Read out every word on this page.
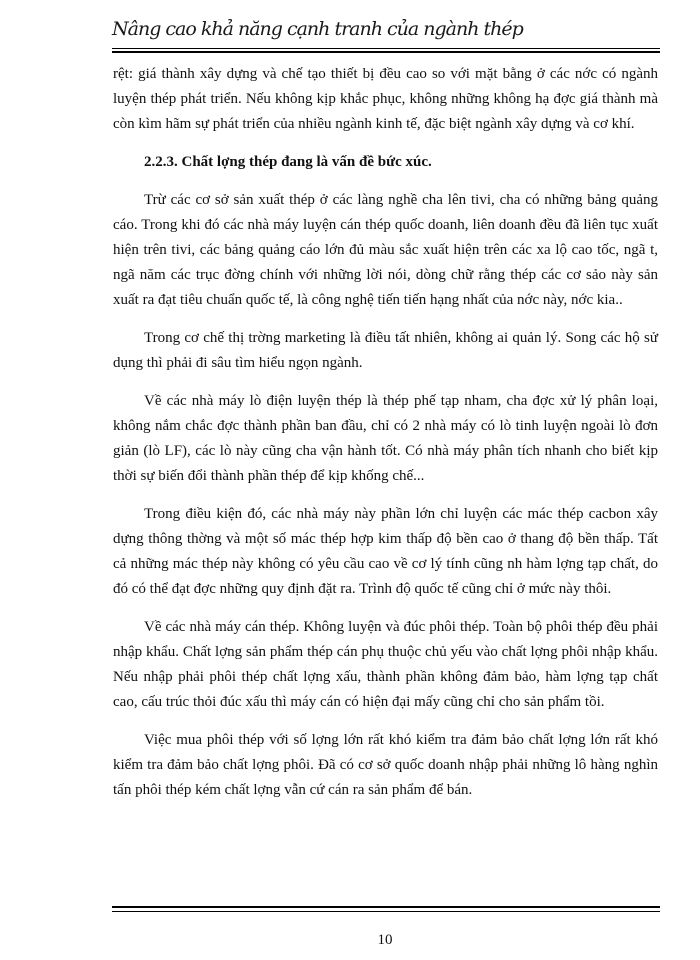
Nâng cao khả năng cạnh tranh của ngành thép

rệt: giá thành xây dựng và chế tạo thiết bị đều cao so với mặt bằng ở các nớc có ngành luyện thép phát triển. Nếu không kịp khắc phục, không những không hạ đợc giá thành mà còn kìm hãm sự phát triển của nhiều ngành kinh tế, đặc biệt ngành xây dựng và cơ khí.

2.2.3. Chất lợng thép đang là vấn đề bức xúc.

Trừ các cơ sở sản xuất thép ở các làng nghề cha lên tivi, cha có những bảng quảng cáo. Trong khi đó các nhà máy luyện cán thép quốc doanh, liên doanh đều đã liên tục xuất hiện trên tivi, các bảng quảng cáo lớn đủ màu sắc xuất hiện trên các xa lộ cao tốc, ngã t, ngã năm các trục đờng chính với những lời nói, dòng chữ rằng thép các cơ sảo này sản xuất ra đạt tiêu chuẩn quốc tế, là công nghệ tiến tiến hạng nhất của nớc này, nớc kia..

Trong cơ chế thị trờng marketing là điều tất nhiên, không ai quản lý. Song các hộ sử dụng thì phải đi sâu tìm hiểu ngọn ngành.

Về các nhà máy lò điện luyện thép là thép phế tạp nham, cha đợc xử lý phân loại, không nắm chắc đợc thành phần ban đầu, chỉ có 2 nhà máy có lò tinh luyện ngoài lò đơn giản (lò LF), các lò này cũng cha vận hành tốt. Có nhà máy phân tích nhanh cho biết kịp thời sự biến đổi thành phần thép để kịp khống chế...

Trong điều kiện đó, các nhà máy này phần lớn chỉ luyện các mác thép cacbon xây dựng thông thờng và một số mác thép hợp kim thấp độ bền cao ở thang độ bền thấp. Tất cả những mác thép này không có yêu cầu cao về cơ lý tính cũng nh hàm lợng tạp chất, do đó có thể đạt đợc những quy định đặt ra. Trình độ quốc tế cũng chỉ ở mức này thôi.

Về các nhà máy cán thép. Không luyện và đúc phôi thép. Toàn bộ phôi thép đều phải nhập khẩu. Chất lợng sản phẩm thép cán phụ thuộc chủ yếu vào chất lợng phôi nhập khẩu. Nếu nhập phải phôi thép chất lợng xấu, thành phần không đảm bảo, hàm lợng tạp chất cao, cấu trúc thỏi đúc xấu thì máy cán có hiện đại mấy cũng chỉ cho sản phẩm tồi.

Việc mua phôi thép với số lợng lớn rất khó kiểm tra đảm bảo chất lợng lớn rất khó kiểm tra đảm bảo chất lợng phôi. Đã có cơ sở quốc doanh nhập phải những lô hàng nghìn tấn phôi thép kém chất lợng vẫn cứ cán ra sản phẩm để bán.

10
